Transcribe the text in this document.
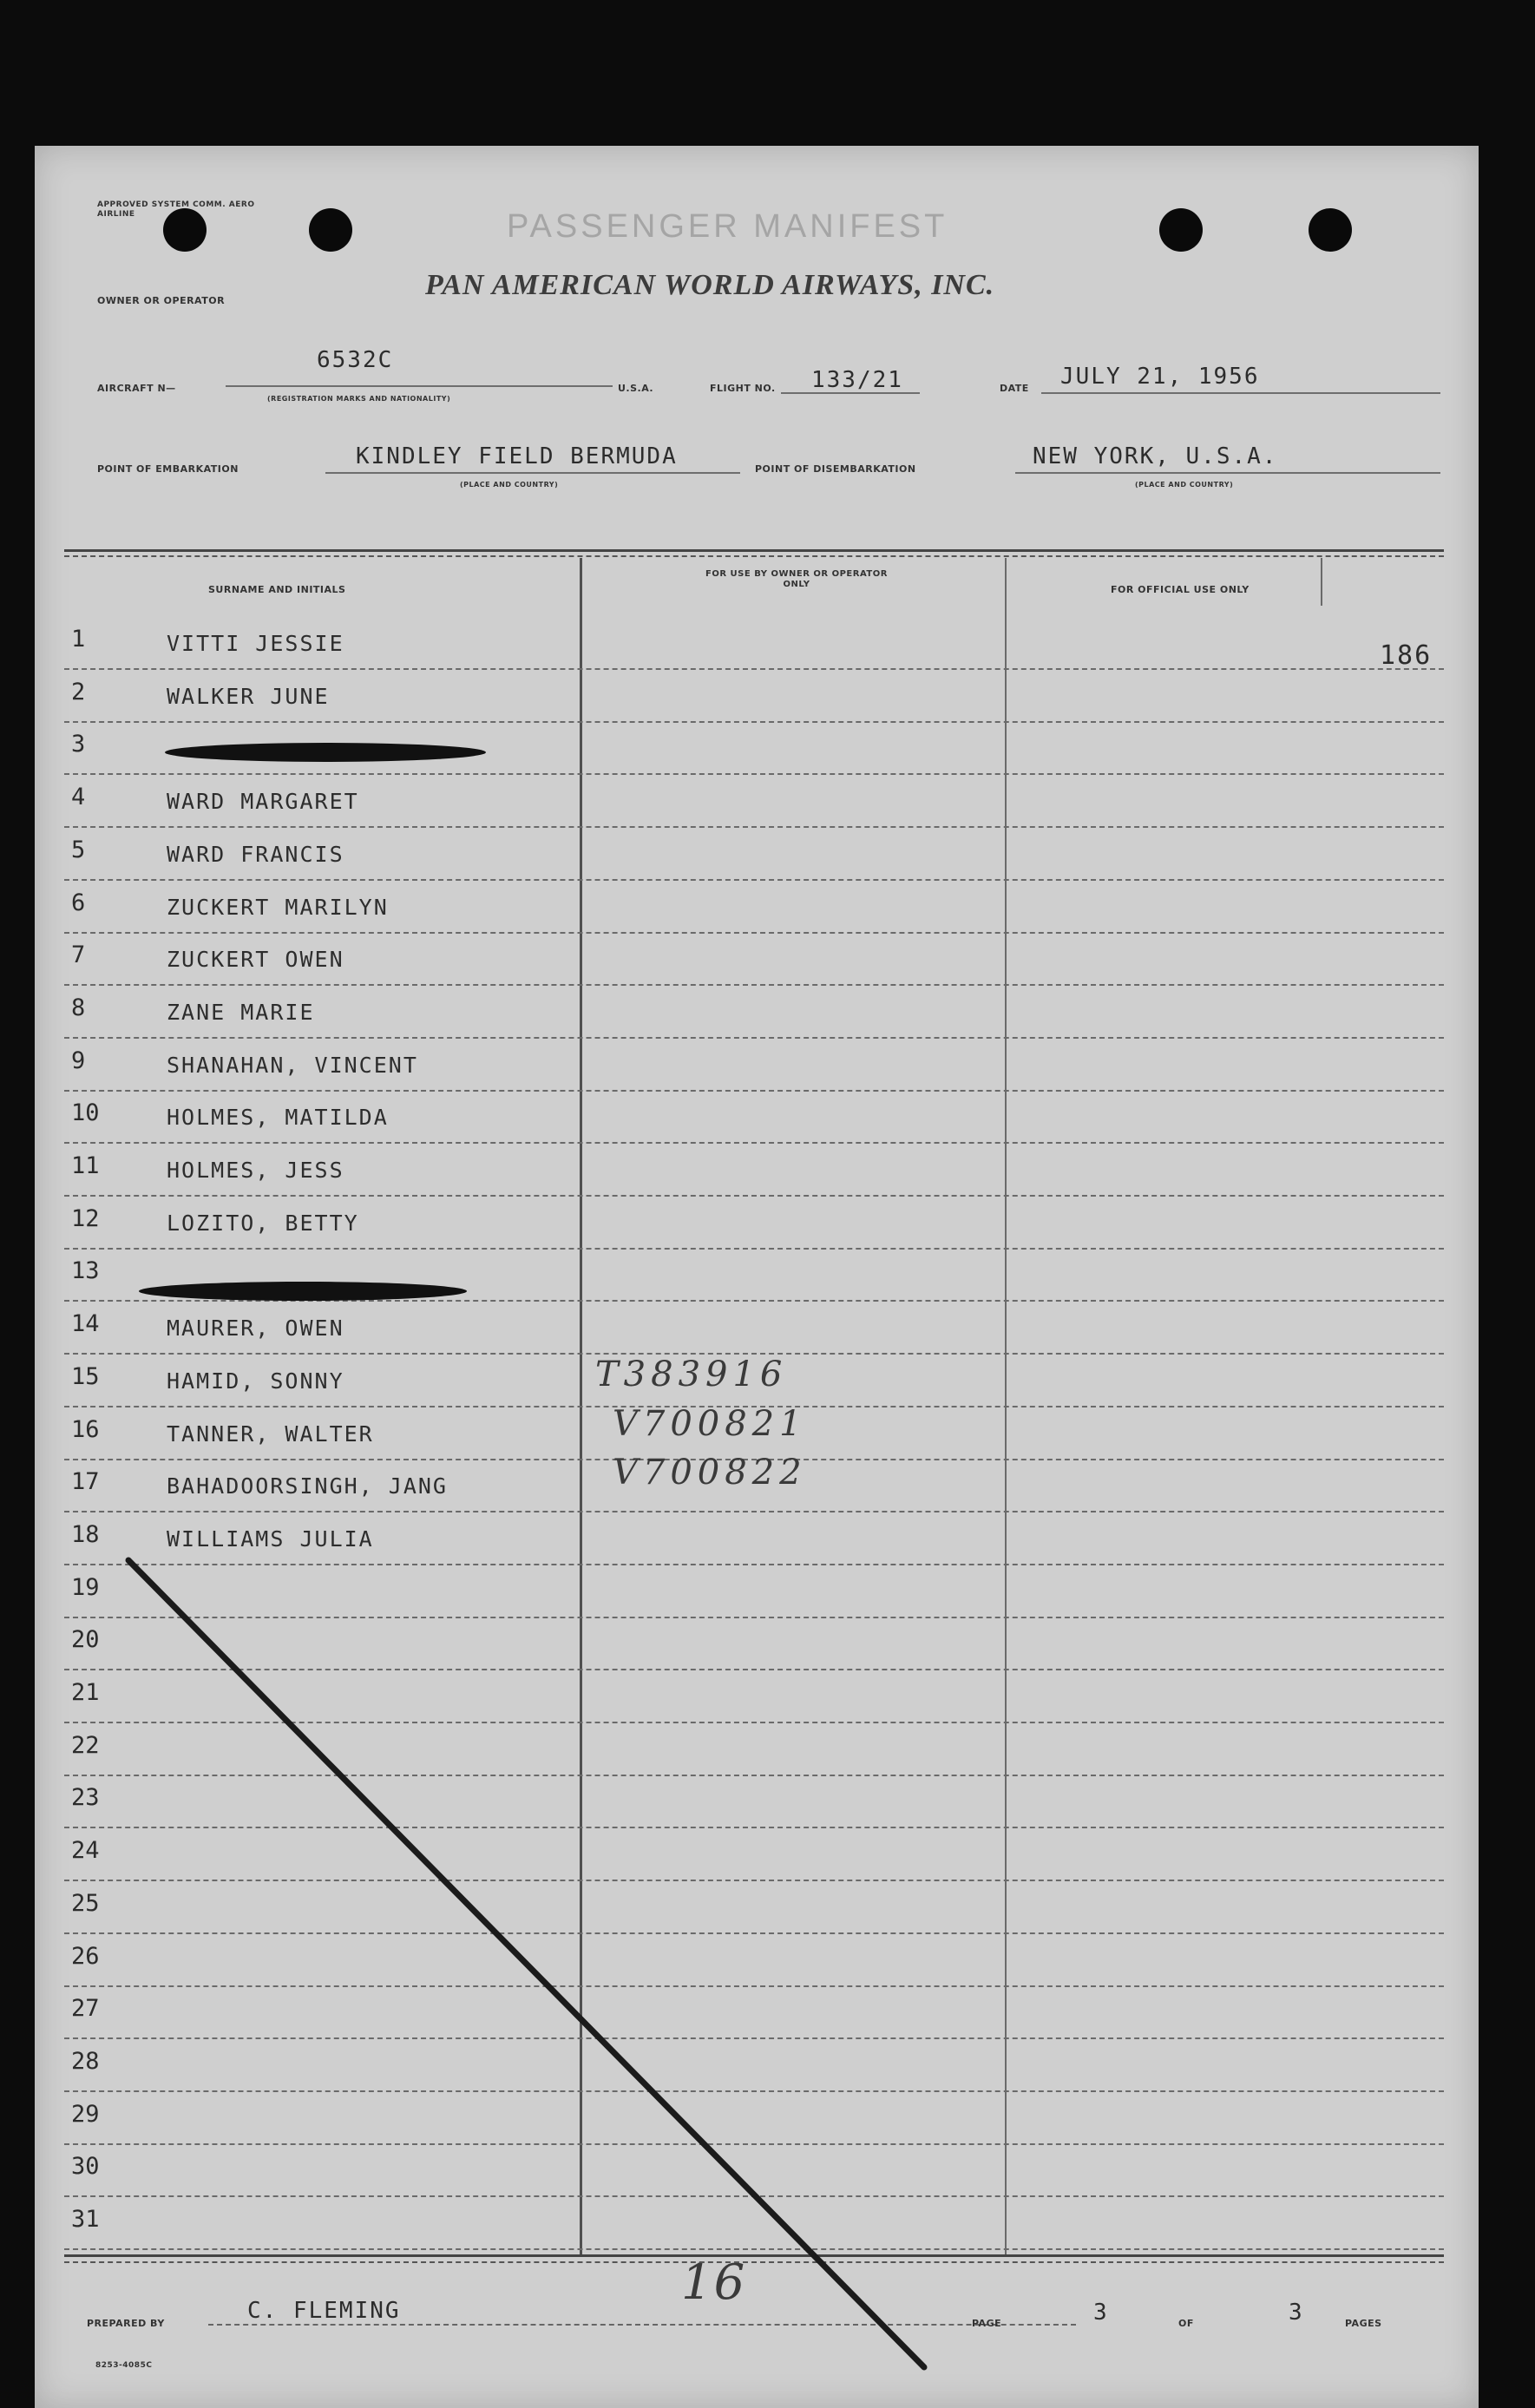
APPROVED SYSTEM COMM. AERO AIRLINE	PASSENGER MANIFEST
OWNER OR OPERATOR	PAN AMERICAN WORLD AIRWAYS, INC.
AIRCRAFT N—
6532C
(REGISTRATION MARKS AND NATIONALITY)
U.S.A.	FLIGHT NO. 133/21	DATE JULY 21, 1956
POINT OF EMBARKATION	KINDLEY FIELD BERMUDA
(PLACE AND COUNTRY)
POINT OF DISEMBARKATION	NEW YORK, U.S.A.
(PLACE AND COUNTRY)
SURNAME AND INITIALS
FOR USE BY OWNER OR OPERATOR ONLY	FOR OFFICIAL USE ONLY
186
1	VITTI JESSIE
2	WALKER JUNE
3
4	WARD MARGARET
5	WARD FRANCIS
6	ZUCKERT MARILYN
7	ZUCKERT OWEN
8	ZANE MARIE
9	SHANAHAN, VINCENT
10	HOLMES, MATILDA
11	HOLMES, JESS
12	LOZITO, BETTY
13
14	MAURER, OWEN
15	HAMID, SONNY
16	TANNER, WALTER
17	BAHADOORSINGH, JANG
18	WILLIAMS JULIA
19
20
21
22
23
24
25
26
27
28
29
30
31
T383916
V700821
V700822
16
PREPARED BY	C. FLEMING	PAGE	3	OF	3	PAGES
8253-4085C
